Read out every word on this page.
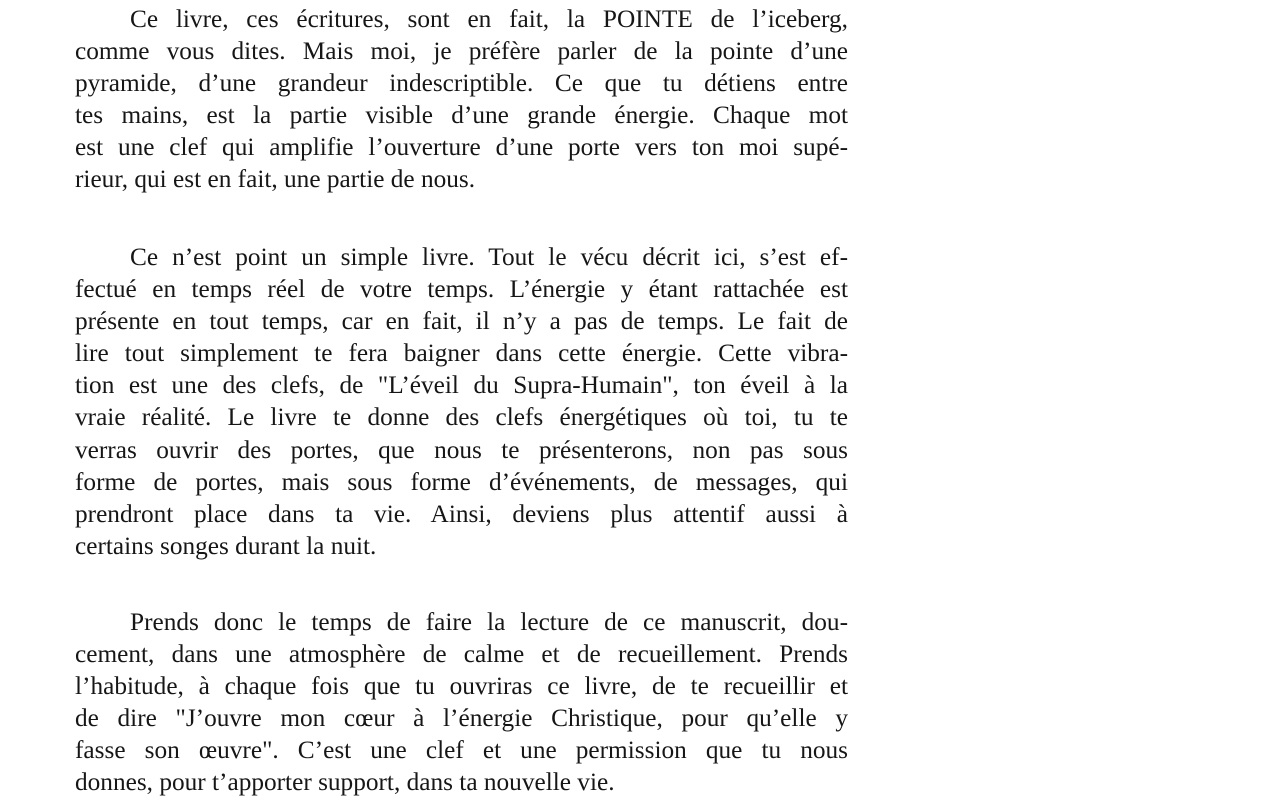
Ce livre, ces écritures, sont en fait, la POINTE de l’iceberg,
comme vous dites. Mais moi, je préfère parler de la pointe d’une
pyramide, d’une grandeur indescriptible. Ce que tu détiens entre
tes mains, est la partie visible d’une grande énergie. Chaque mot
est une clef qui amplifie l’ouverture d’une porte vers ton moi supé-
rieur, qui est en fait, une partie de nous.
Ce n’est point un simple livre. Tout le vécu décrit ici, s’est ef-
fectué en temps réel de votre temps. L’énergie y étant rattachée est
présente en tout temps, car en fait, il n’y a pas de temps. Le fait de
lire tout simplement te fera baigner dans cette énergie. Cette vibra-
tion est une des clefs, de "L’éveil du Supra-Humain", ton éveil à la
vraie réalité. Le livre te donne des clefs énergétiques où toi, tu te
verras ouvrir des portes, que nous te présenterons, non pas sous
forme de portes, mais sous forme d’événements, de messages, qui
prendront place dans ta vie. Ainsi, deviens plus attentif aussi à
certains songes durant la nuit.
Prends donc le temps de faire la lecture de ce manuscrit, dou-
cement, dans une atmosphère de calme et de recueillement. Prends
l’habitude, à chaque fois que tu ouvriras ce livre, de te recueillir et
de dire "J’ouvre mon cœur à l’énergie Christique, pour qu’elle y
fasse son œuvre". C’est une clef et une permission que tu nous
donnes, pour t’apporter support, dans ta nouvelle vie.
